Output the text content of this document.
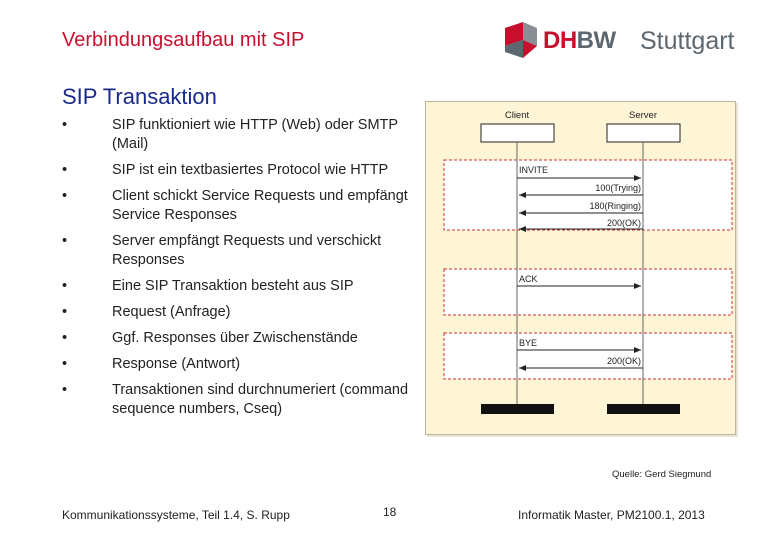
Verbindungsaufbau mit SIP	DHBW Stuttgart
SIP Transaktion
•	SIP funktioniert wie HTTP (Web) oder SMTP (Mail)
•	SIP ist ein textbasiertes Protocol wie HTTP
•	Client schickt Service Requests und empfängt Service Responses
•	Server empfängt Requests und verschickt Responses
•	Eine SIP Transaktion besteht aus SIP
•	Request (Anfrage)
•	Ggf. Responses über Zwischenstände
•	Response (Antwort)
•	Transaktionen sind durchnumeriert (command sequence numbers, Cseq)
Client	Server
INVITE
100(Trying)
180(Ringing)
200(OK)
ACK
BYE
200(OK)
Quelle: Gerd Siegmund
Kommunikationssysteme, Teil 1.4, S. Rupp	18	Informatik Master, PM2100.1, 2013
